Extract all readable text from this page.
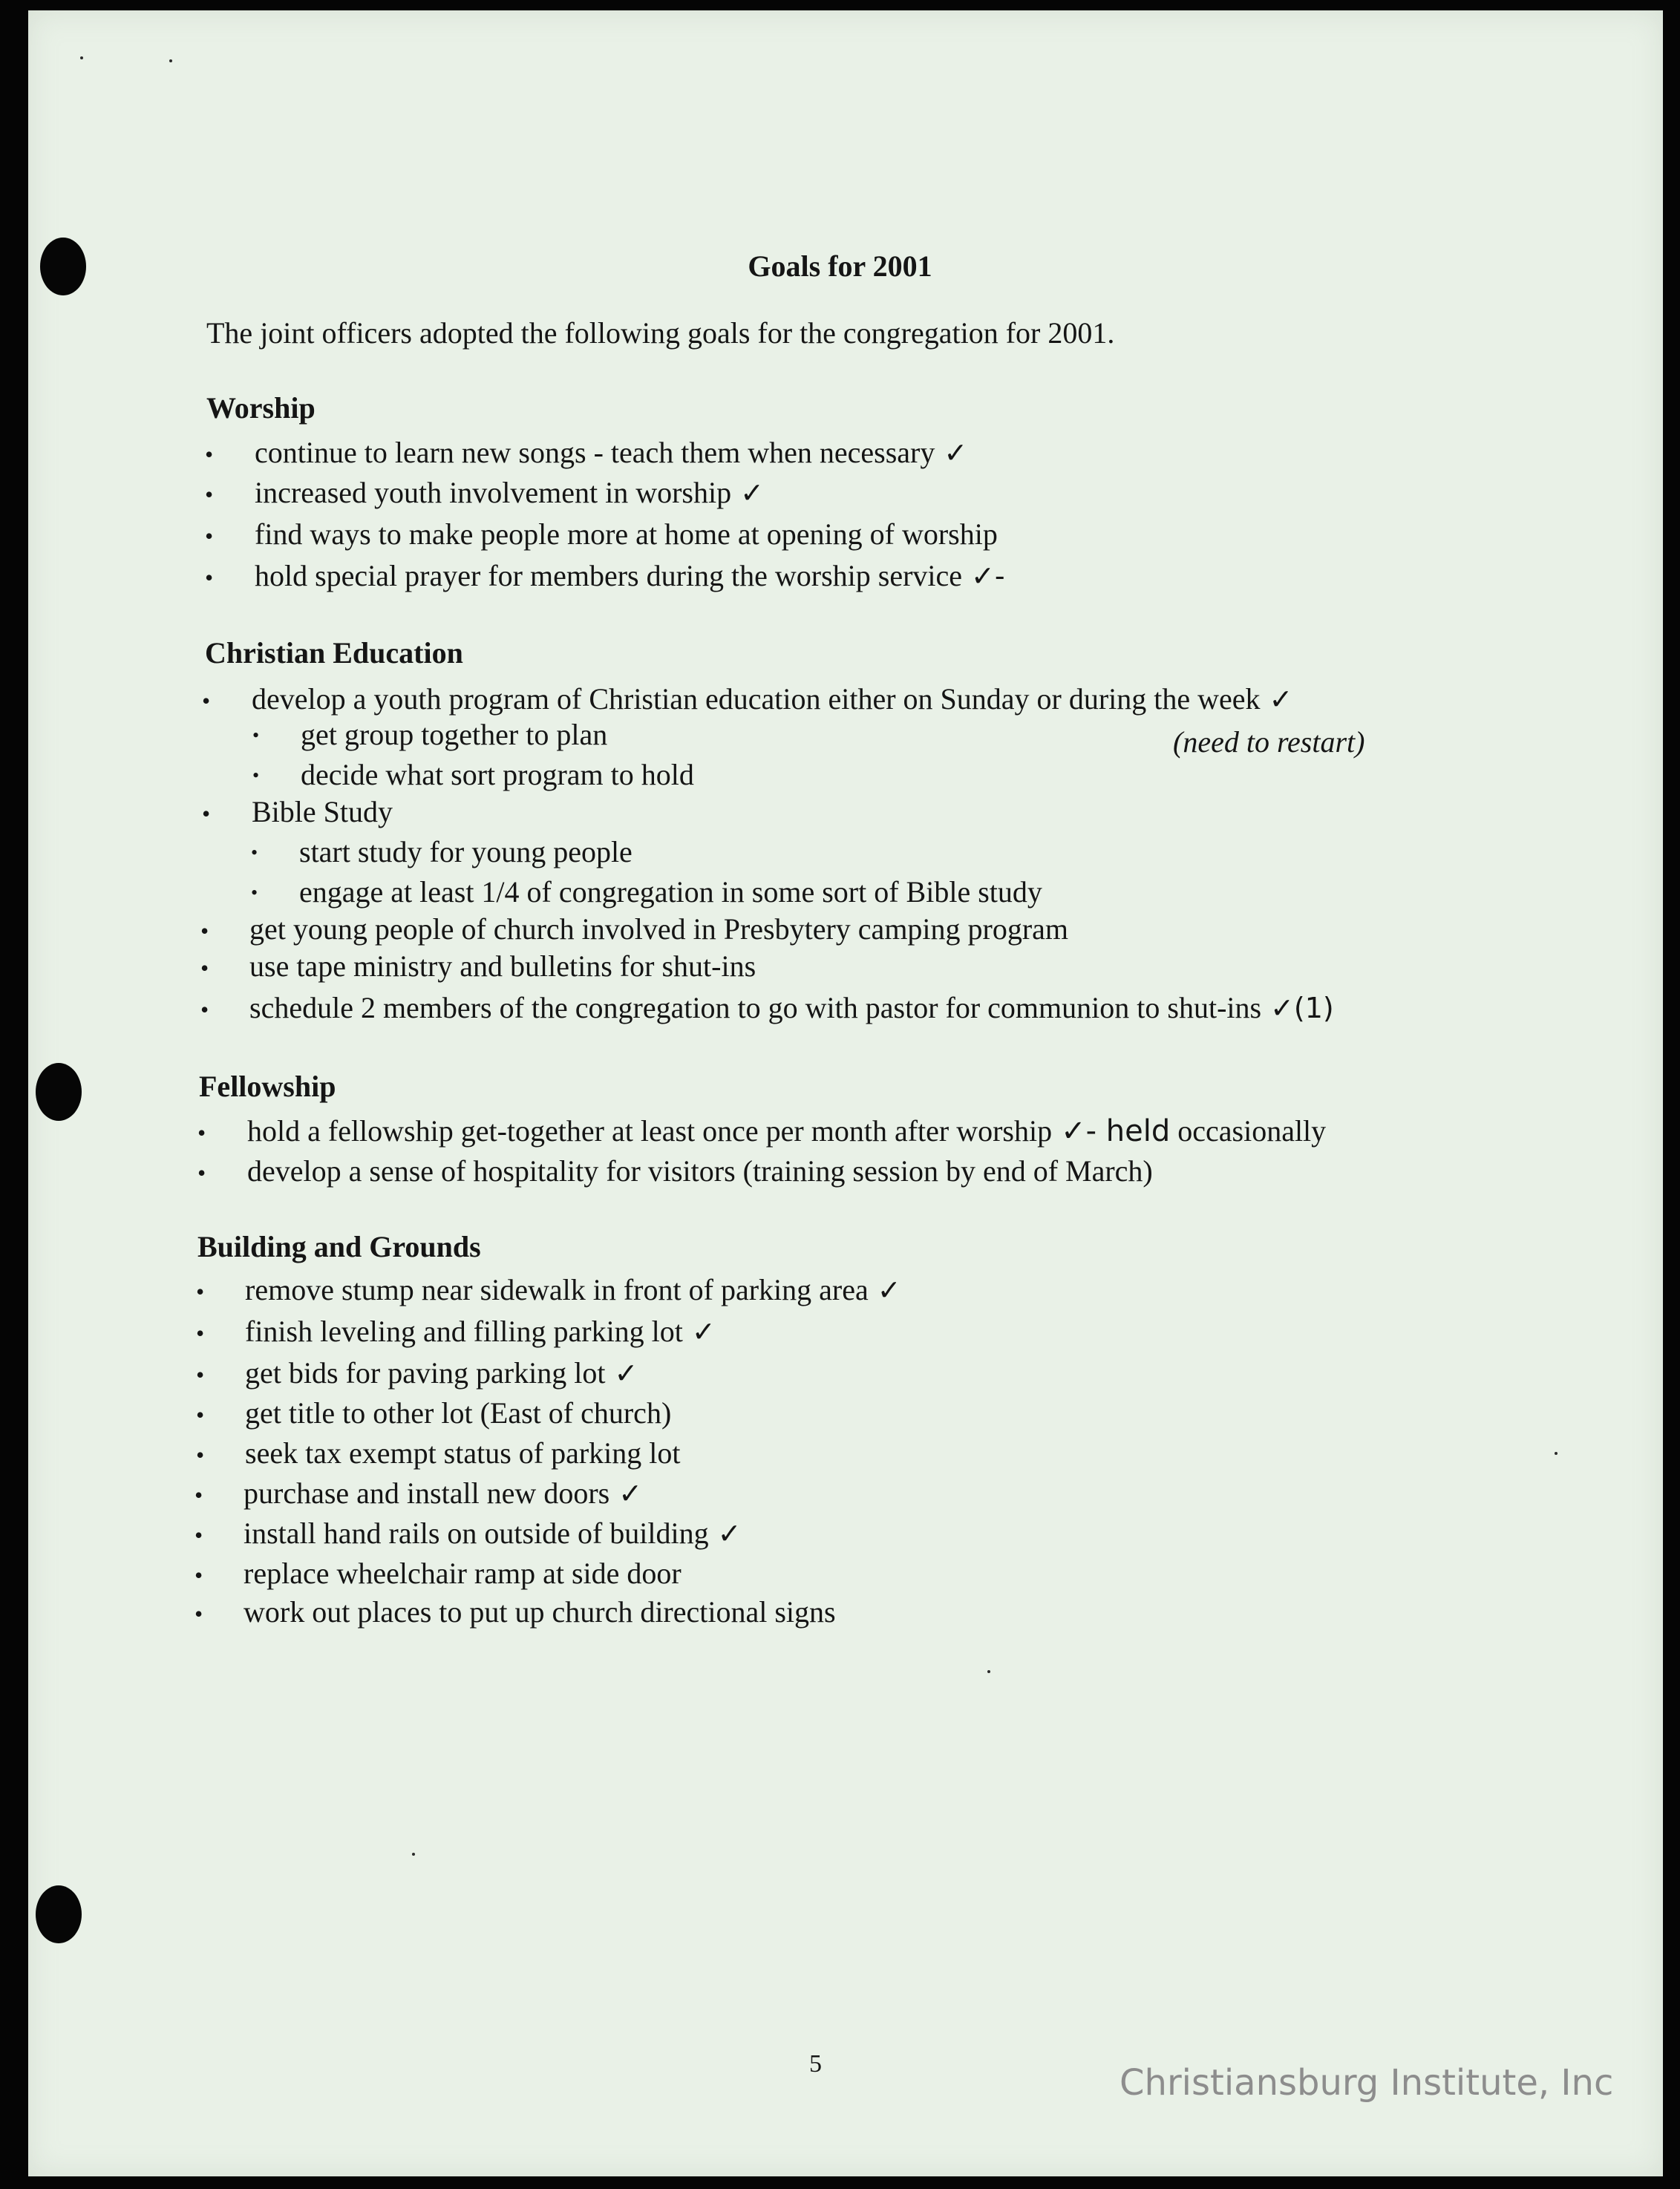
Goals for 2001
The joint officers adopted the following goals for the congregation for 2001.
Worship
• continue to learn new songs - teach them when necessary ✓
• increased youth involvement in worship ✓
• find ways to make people more at home at opening of worship
• hold special prayer for members during the worship service ✓-
Christian Education
• develop a youth program of Christian education either on Sunday or during the week ✓
• get group together to plan	(need to restart)
• decide what sort program to hold
• Bible Study
• start study for young people
• engage at least 1/4 of congregation in some sort of Bible study
• get young people of church involved in Presbytery camping program
• use tape ministry and bulletins for shut-ins
• schedule 2 members of the congregation to go with pastor for communion to shut-ins ✓(1)
Fellowship
• hold a fellowship get-together at least once per month after worship ✓- held occasionally
• develop a sense of hospitality for visitors (training session by end of March)
Building and Grounds
• remove stump near sidewalk in front of parking area ✓
• finish leveling and filling parking lot ✓
• get bids for paving parking lot ✓
• get title to other lot (East of church)
• seek tax exempt status of parking lot
• purchase and install new doors ✓
• install hand rails on outside of building ✓
• replace wheelchair ramp at side door
• work out places to put up church directional signs
5	Christiansburg Institute, Inc
